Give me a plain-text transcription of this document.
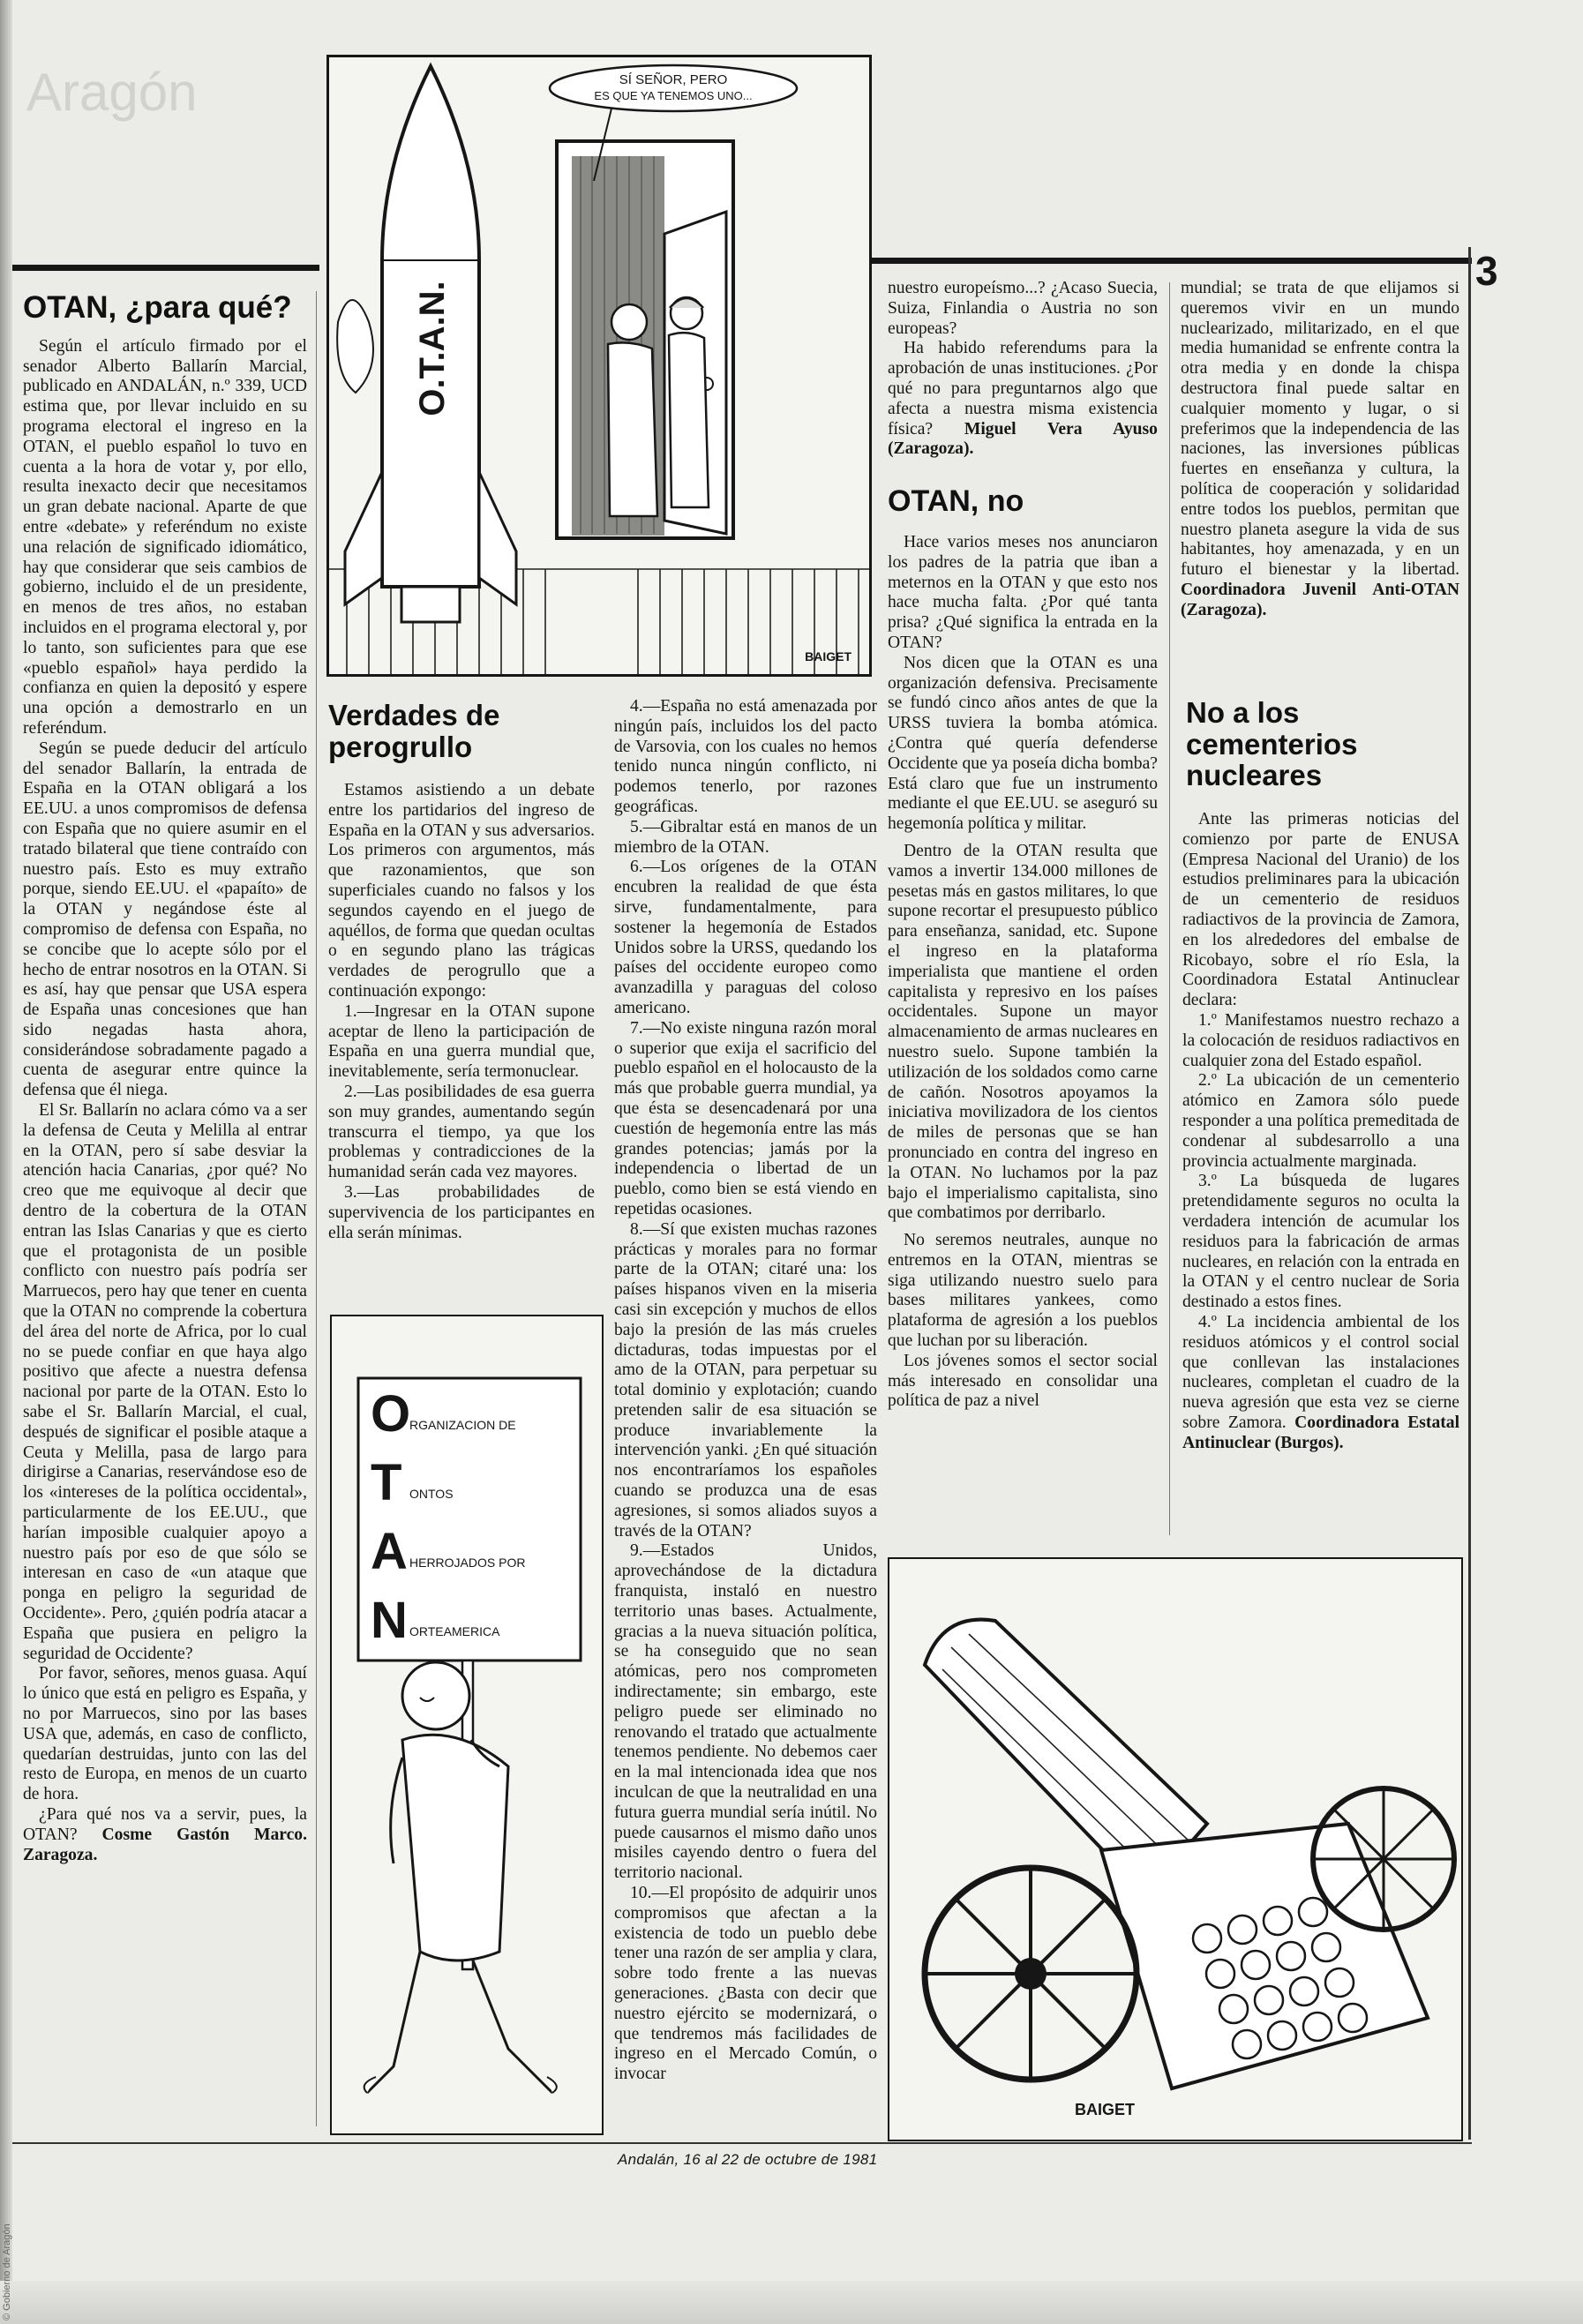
Aragón
3
OTAN, ¿para qué?

Según el artículo firmado por el senador Alberto Ballarín Marcial, publicado en ANDALÁN, n.º 339, UCD estima que, por llevar incluido en su programa electoral el ingreso en la OTAN, el pueblo español lo tuvo en cuenta a la hora de votar y, por ello, resulta inexacto decir que necesitamos un gran debate nacional. Aparte de que entre «debate» y referéndum no existe una relación de significado idiomático, hay que considerar que seis cambios de gobierno, incluido el de un presidente, en menos de tres años, no estaban incluidos en el programa electoral y, por lo tanto, son suficientes para que ese «pueblo español» haya perdido la confianza en quien la depositó y espere una opción a demostrarlo en un referéndum.

Según se puede deducir del artículo del senador Ballarín, la entrada de España en la OTAN obligará a los EE.UU. a unos compromisos de defensa con España que no quiere asumir en el tratado bilateral que tiene contraído con nuestro país. Esto es muy extraño porque, siendo EE.UU. el «papaíto» de la OTAN y negándose éste al compromiso de defensa con España, no se concibe que lo acepte sólo por el hecho de entrar nosotros en la OTAN. Si es así, hay que pensar que USA espera de España unas concesiones que han sido negadas hasta ahora, considerándose sobradamente pagado a cuenta de asegurar entre quince la defensa que él niega.

El Sr. Ballarín no aclara cómo va a ser la defensa de Ceuta y Melilla al entrar en la OTAN, pero sí sabe desviar la atención hacia Canarias, ¿por qué? No creo que me equivoque al decir que dentro de la cobertura de la OTAN entran las Islas Canarias y que es cierto que el protagonista de un posible conflicto con nuestro país podría ser Marruecos, pero hay que tener en cuenta que la OTAN no comprende la cobertura del área del norte de Africa, por lo cual no se puede confiar en que haya algo positivo que afecte a nuestra defensa nacional por parte de la OTAN. Esto lo sabe el Sr. Ballarín Marcial, el cual, después de significar el posible ataque a Ceuta y Melilla, pasa de largo para dirigirse a Canarias, reservándose eso de los «intereses de la política occidental», particularmente de los EE.UU., que harían imposible cualquier apoyo a nuestro país por eso de que sólo se interesan en caso de «un ataque que ponga en peligro la seguridad de Occidente». Pero, ¿quién podría atacar a España que pusiera en peligro la seguridad de Occidente?

Por favor, señores, menos guasa. Aquí lo único que está en peligro es España, y no por Marruecos, sino por las bases USA que, además, en caso de conflicto, quedarían destruidas, junto con las del resto de Europa, en menos de un cuarto de hora.

¿Para qué nos va a servir, pues, la OTAN? Cosme Gastón Marco. Zaragoza.

SÍ SEÑOR, PERO
ES QUE YA TENEMOS UNO...
O.T.A.N.
BAIGET
Verdades de perogrullo

Estamos asistiendo a un debate entre los partidarios del ingreso de España en la OTAN y sus adversarios. Los primeros con argumentos, más que razonamientos, que son superficiales cuando no falsos y los segundos cayendo en el juego de aquéllos, de forma que quedan ocultas o en segundo plano las trágicas verdades de perogrullo que a continuación expongo:

1.—Ingresar en la OTAN supone aceptar de lleno la participación de España en una guerra mundial que, inevitablemente, sería termonuclear.

2.—Las posibilidades de esa guerra son muy grandes, aumentando según transcurra el tiempo, ya que los problemas y contradicciones de la humanidad serán cada vez mayores.

3.—Las probabilidades de supervivencia de los participantes en ella serán mínimas.

4.—España no está amenazada por ningún país, incluidos los del pacto de Varsovia, con los cuales no hemos tenido nunca ningún conflicto, ni podemos tenerlo, por razones geográficas.

5.—Gibraltar está en manos de un miembro de la OTAN.

6.—Los orígenes de la OTAN encubren la realidad de que ésta sirve, fundamentalmente, para sostener la hegemonía de Estados Unidos sobre la URSS, quedando los países del occidente europeo como avanzadilla y paraguas del coloso americano.

7.—No existe ninguna razón moral o superior que exija el sacrificio del pueblo español en el holocausto de la más que probable guerra mundial, ya que ésta se desencadenará por una cuestión de hegemonía entre las más grandes potencias; jamás por la independencia o libertad de un pueblo, como bien se está viendo en repetidas ocasiones.

8.—Sí que existen muchas razones prácticas y morales para no formar parte de la OTAN; citaré una: los países hispanos viven en la miseria casi sin excepción y muchos de ellos bajo la presión de las más crueles dictaduras, todas impuestas por el amo de la OTAN, para perpetuar su total dominio y explotación; cuando pretenden salir de esa situación se produce invariablemente la intervención yanki. ¿En qué situación nos encontraríamos los españoles cuando se produzca una de esas agresiones, si somos aliados suyos a través de la OTAN?

9.—Estados Unidos, aprovechándose de la dictadura franquista, instaló en nuestro territorio unas bases. Actualmente, gracias a la nueva situación política, se ha conseguido que no sean atómicas, pero nos comprometen indirectamente; sin embargo, este peligro puede ser eliminado no renovando el tratado que actualmente tenemos pendiente. No debemos caer en la mal intencionada idea que nos inculcan de que la neutralidad en una futura guerra mundial sería inútil. No puede causarnos el mismo daño unos misiles cayendo dentro o fuera del territorio nacional.

10.—El propósito de adquirir unos compromisos que afectan a la existencia de todo un pueblo debe tener una razón de ser amplia y clara, sobre todo frente a las nuevas generaciones. ¿Basta con decir que nuestro ejército se modernizará, o que tendremos más facilidades de ingreso en el Mercado Común, o invocar

O
RGANIZACION DE
T ONTOS
A HERROJADOS POR
N ORTEAMERICA

nuestro europeísmo...? ¿Acaso Suecia, Suiza, Finlandia o Austria no son europeas?

Ha habido referendums para la aprobación de unas instituciones. ¿Por qué no para preguntarnos algo que afecta a nuestra misma existencia física? Miguel Vera Ayuso (Zaragoza).

OTAN, no

Hace varios meses nos anunciaron los padres de la patria que iban a meternos en la OTAN y que esto nos hace mucha falta. ¿Por qué tanta prisa? ¿Qué significa la entrada en la OTAN?

Nos dicen que la OTAN es una organización defensiva. Precisamente se fundó cinco años antes de que la URSS tuviera la bomba atómica. ¿Contra qué quería defenderse Occidente que ya poseía dicha bomba? Está claro que fue un instrumento mediante el que EE.UU. se aseguró su hegemonía política y militar.

Dentro de la OTAN resulta que vamos a invertir 134.000 millones de pesetas más en gastos militares, lo que supone recortar el presupuesto público para enseñanza, sanidad, etc. Supone el ingreso en la plataforma imperialista que mantiene el orden capitalista y represivo en los países occidentales. Supone un mayor almacenamiento de armas nucleares en nuestro suelo. Supone también la utilización de los soldados como carne de cañón. Nosotros apoyamos la iniciativa movilizadora de los cientos de miles de personas que se han pronunciado en contra del ingreso en la OTAN. No luchamos por la paz bajo el imperialismo capitalista, sino que combatimos por derribarlo.

No seremos neutrales, aunque no entremos en la OTAN, mientras se siga utilizando nuestro suelo para bases militares yankees, como plataforma de agresión a los pueblos que luchan por su liberación.

Los jóvenes somos el sector social más interesado en consolidar una política de paz a nivel

mundial; se trata de que elijamos si queremos vivir en un mundo nuclearizado, militarizado, en el que media humanidad se enfrente contra la otra media y en donde la chispa destructora final puede saltar en cualquier momento y lugar, o si preferimos que la independencia de las naciones, las inversiones públicas fuertes en enseñanza y cultura, la política de cooperación y solidaridad entre todos los pueblos, permitan que nuestro planeta asegure la vida de sus habitantes, hoy amenazada, y en un futuro el bienestar y la libertad. Coordinadora Juvenil Anti-OTAN (Zaragoza).

No a los cementerios nucleares

Ante las primeras noticias del comienzo por parte de ENUSA (Empresa Nacional del Uranio) de los estudios preliminares para la ubicación de un cementerio de residuos radiactivos de la provincia de Zamora, en los alrededores del embalse de Ricobayo, sobre el río Esla, la Coordinadora Estatal Antinuclear declara:

1.º Manifestamos nuestro rechazo a la colocación de residuos radiactivos en cualquier zona del Estado español.

2.º La ubicación de un cementerio atómico en Zamora sólo puede responder a una política premeditada de condenar al subdesarrollo a una provincia actualmente marginada.

3.º La búsqueda de lugares pretendidamente seguros no oculta la verdadera intención de acumular los residuos para la fabricación de armas nucleares, en relación con la entrada en la OTAN y el centro nuclear de Soria destinado a estos fines.

4.º La incidencia ambiental de los residuos atómicos y el control social que conllevan las instalaciones nucleares, completan el cuadro de la nueva agresión que esta vez se cierne sobre Zamora. Coordinadora Estatal Antinuclear (Burgos).

BAIGET
Andalán, 16 al 22 de octubre de 1981
© Gobierno de Aragón
